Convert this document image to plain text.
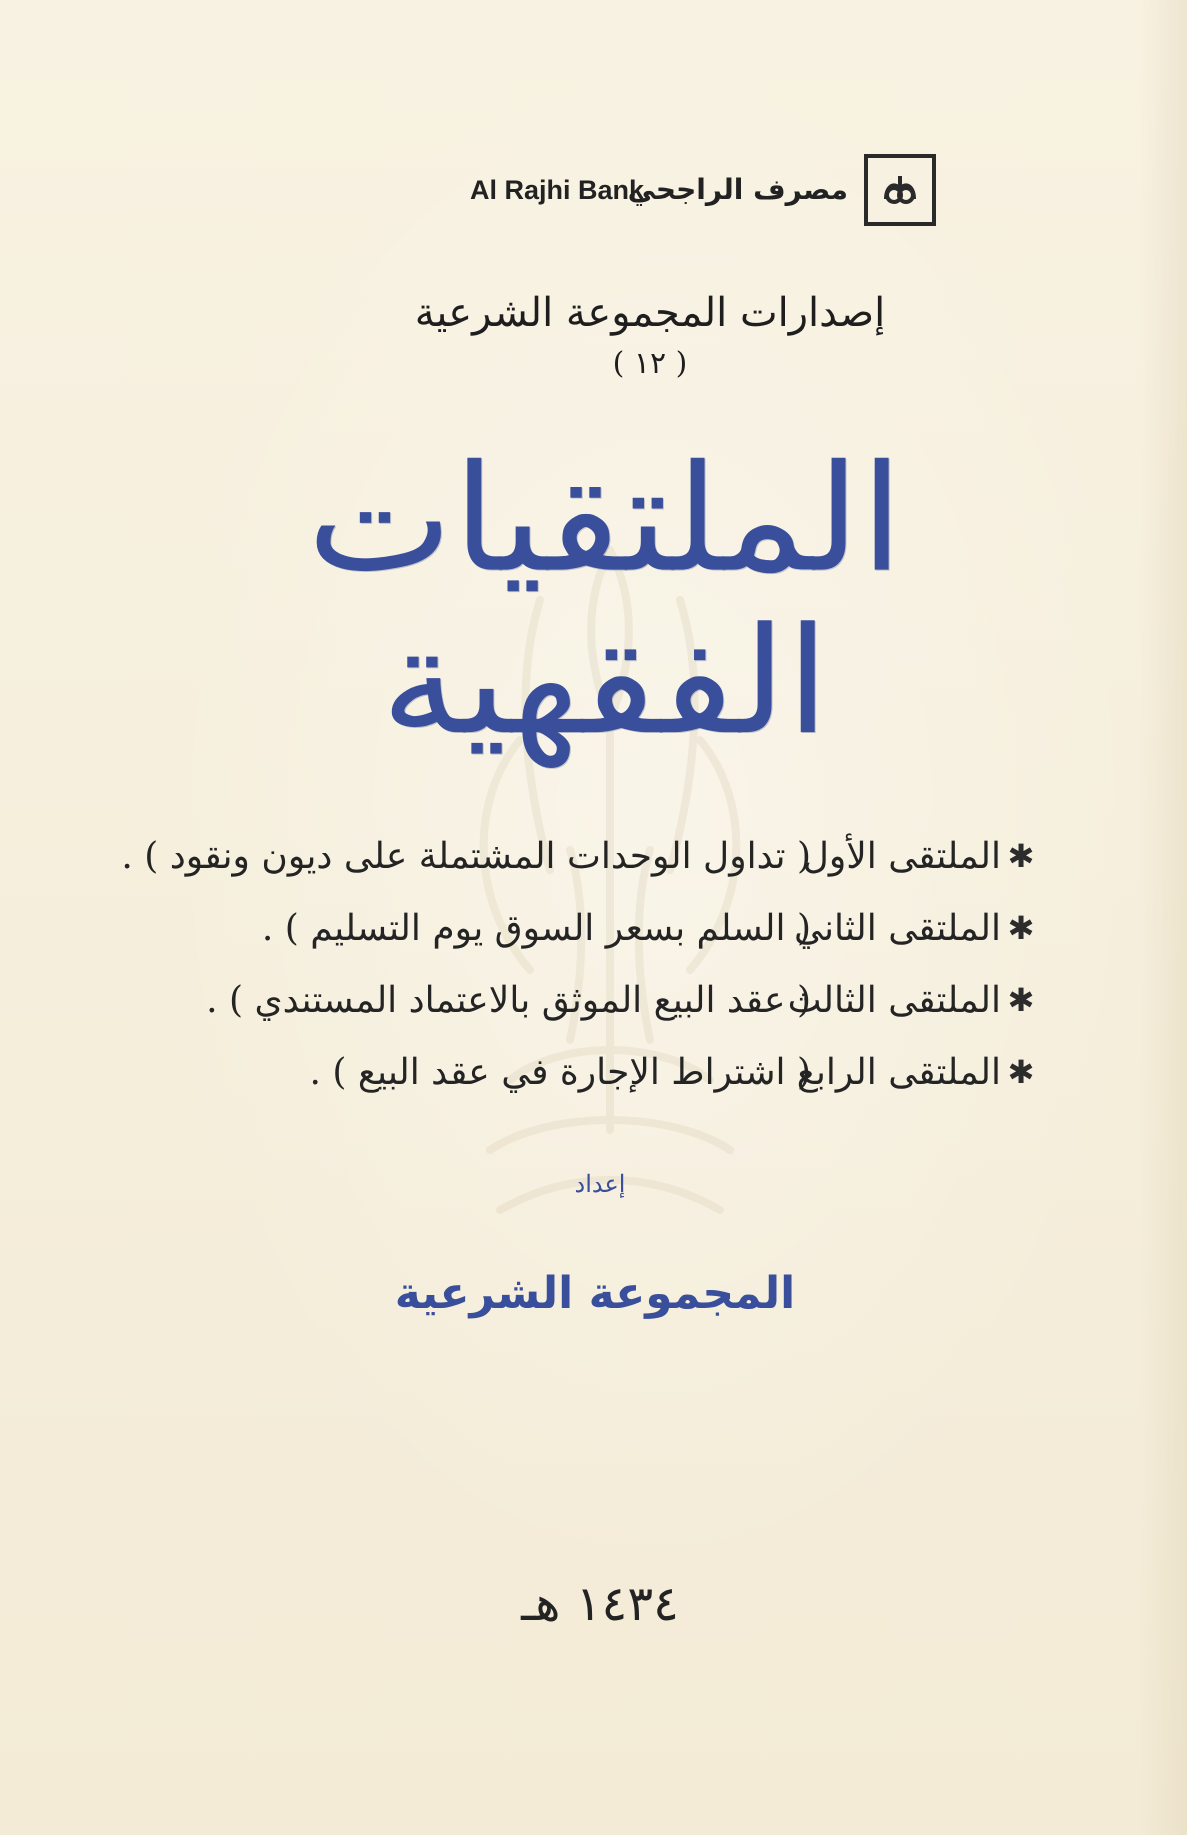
مصرف الراجحي
Al Rajhi Bank
إصدارات المجموعة الشرعية
( ١٢ )
الملتقيات الفقهية
✱
الملتقى الأول
( تداول الوحدات المشتملة على ديون ونقود ) .
✱
الملتقى الثاني
( السلم بسعر السوق يوم التسليم ) .
✱
الملتقى الثالث
( عقد البيع الموثق بالاعتماد المستندي ) .
✱
الملتقى الرابع
( اشتراط الإجارة في عقد البيع ) .
إعداد
المجموعة الشرعية
١٤٣٤ هـ
